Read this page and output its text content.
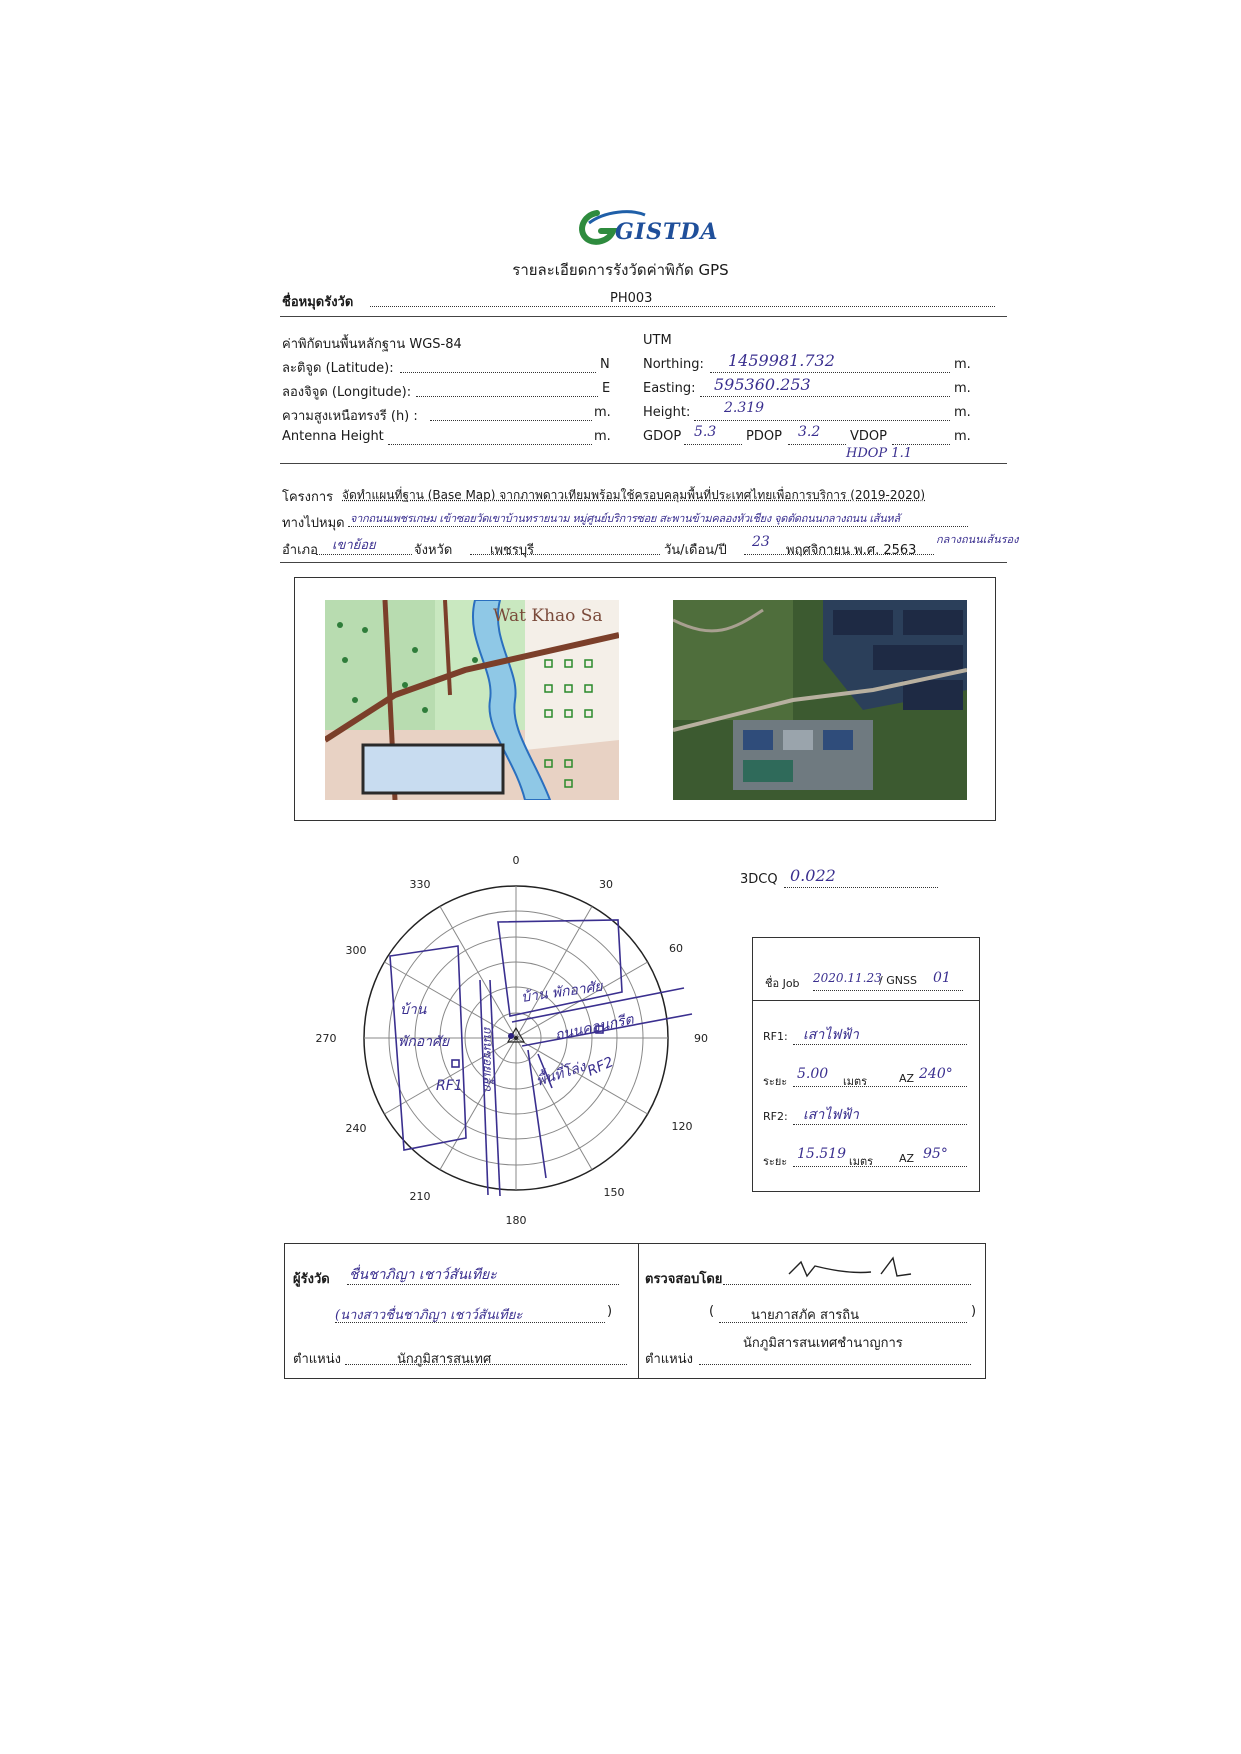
GISTDA
รายละเอียดการรังวัดค่าพิกัด GPS
ชื่อหมุดรังวัด	PH003
ค่าพิกัดบนพื้นหลักฐาน WGS-84
ละติจูด (Latitude):	N
ลองจิจูด (Longitude):	E
ความสูงเหนือทรงรี (h) :	m.
Antenna Height	m.
UTM
Northing: 1459981.732	m.
Easting: 595360.253	m.
Height: 2.319	m.
GDOP 5.3 PDOP 3.2 VDOP	m.
HDOP 1.1
โครงการ จัดทำแผนที่ฐาน (Base Map) จากภาพดาวเทียมพร้อมใช้ครอบคลุมพื้นที่ประเทศไทยเพื่อการบริการ (2019-2020)
ทางไปหมุด จากถนนเพชรเกษม เข้าซอยวัดเขาบ้านทรายนาม หมู่ศูนย์บริการซอย สะพานข้ามคลองหัวเชียง จุดตัดถนนกลางถนน เส้นหลั
อำเภอ เขาย้อย	จังหวัด	เพชรบุรี	วัน/เดือน/ปี
23
พฤศจิกายน พ.ศ. 2563
กลางถนนเส้นรอง
Wat Khao Sa
0
30
60
90
120
150
180
210
240
270
300
330
บ้าน พักอาศัย
ถนนคอนกรีต
พื้นที่โล่ง
RF2
บ้าน
พักอาศัย
RF1 ถนนซอยเล็ก
3DCQ 0.022
ชื่อ Job 2020.11.23
/ GNSS 01
RF1: เสาไฟฟ้า
ระยะ 5.00 เมตร	AZ 240°
RF2: เสาไฟฟ้า
ระยะ 15.519 เมตร AZ 95°
ผู้รังวัด ชื่นชาภิญา เชาว์สันเทียะ
(นางสาวชื่นชาภิญา เชาว์สันเทียะ	)
ตำแหน่ง	นักภูมิสารสนเทศ
ตรวจสอบโดย
(	นายภาสภัค สารถิน	)
นักภูมิสารสนเทศชำนาญการ
ตำแหน่ง
